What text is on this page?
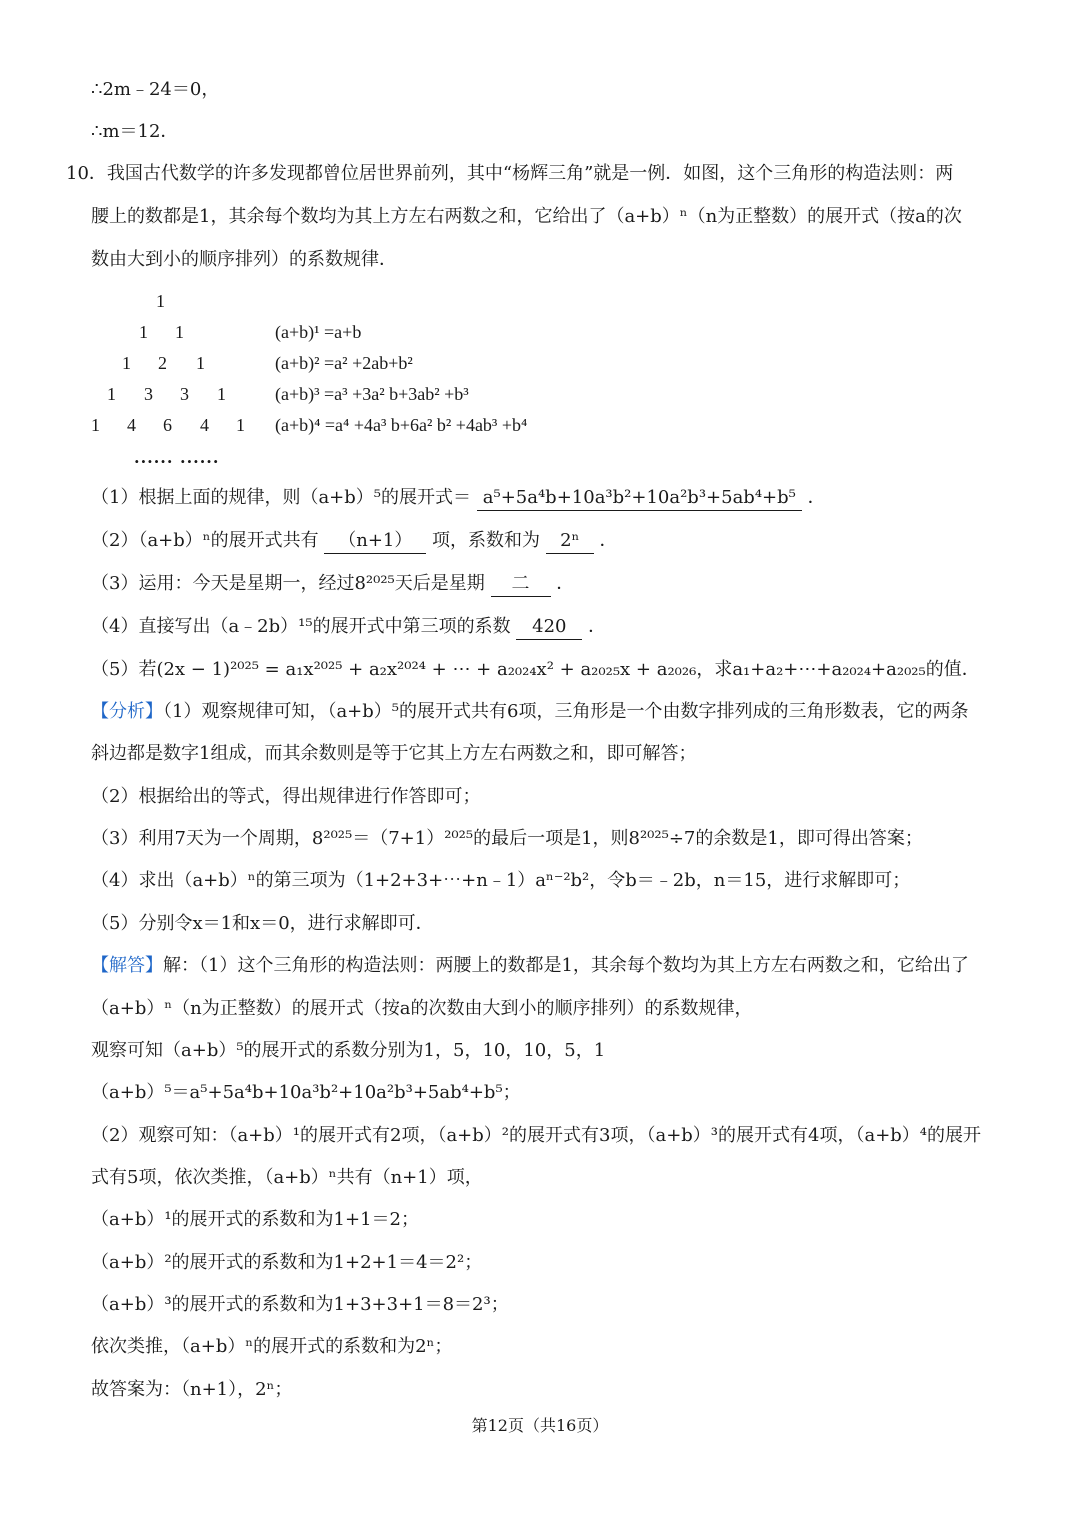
∴2m﹣24＝0，
∴m＝12．
10．我国古代数学的许多发现都曾位居世界前列，其中“杨辉三角”就是一例．如图，这个三角形的构造法则：两
腰上的数都是1，其余每个数均为其上方左右两数之和，它给出了（a+b）ⁿ（n为正整数）的展开式（按a的次
数由大到小的顺序排列）的系数规律．
1
1 1
1 2 1
1 3 3 1
1 4 6 4 1
(a+b)¹ =a+b
(a+b)² =a² +2ab+b²
(a+b)³ =a³ +3a² b+3ab² +b³
(a+b)⁴ =a⁴ +4a³ b+6a² b² +4ab³ +b⁴
...... ......
（1）根据上面的规律，则（a+b）⁵的展开式＝ a⁵+5a⁴b+10a³b²+10a²b³+5ab⁴+b⁵ ．
（2）（a+b）ⁿ的展开式共有 （n+1） 项，系数和为 2ⁿ ．
（3）运用：今天是星期一，经过8²⁰²⁵天后是星期 二 ．
（4）直接写出（a﹣2b）¹⁵的展开式中第三项的系数 420 ．
（5）若(2x − 1)²⁰²⁵ = a₁x²⁰²⁵ + a₂x²⁰²⁴ + ⋯ + a₂₀₂₄x² + a₂₀₂₅x + a₂₀₂₆，求a₁+a₂+⋯+a₂₀₂₄+a₂₀₂₅的值．
【分析】（1）观察规律可知，（a+b）⁵的展开式共有6项，三角形是一个由数字排列成的三角形数表，它的两条
斜边都是数字1组成，而其余数则是等于它其上方左右两数之和，即可解答；
（2）根据给出的等式，得出规律进行作答即可；
（3）利用7天为一个周期，8²⁰²⁵＝（7+1）²⁰²⁵的最后一项是1，则8²⁰²⁵÷7的余数是1，即可得出答案；
（4）求出（a+b）ⁿ的第三项为（1+2+3+⋯+n﹣1）aⁿ⁻²b²，令b＝﹣2b，n＝15，进行求解即可；
（5）分别令x＝1和x＝0，进行求解即可．
【解答】解：（1）这个三角形的构造法则：两腰上的数都是1，其余每个数均为其上方左右两数之和，它给出了
（a+b）ⁿ（n为正整数）的展开式（按a的次数由大到小的顺序排列）的系数规律，
观察可知（a+b）⁵的展开式的系数分别为1，5，10，10，5，1
（a+b）⁵＝a⁵+5a⁴b+10a³b²+10a²b³+5ab⁴+b⁵；
（2）观察可知：（a+b）¹的展开式有2项，（a+b）²的展开式有3项，（a+b）³的展开式有4项，（a+b）⁴的展开
式有5项，依次类推，（a+b）ⁿ共有（n+1）项，
（a+b）¹的展开式的系数和为1+1＝2；
（a+b）²的展开式的系数和为1+2+1＝4＝2²；
（a+b）³的展开式的系数和为1+3+3+1＝8＝2³；
依次类推，（a+b）ⁿ的展开式的系数和为2ⁿ；
故答案为：（n+1），2ⁿ；
第12页（共16页）
